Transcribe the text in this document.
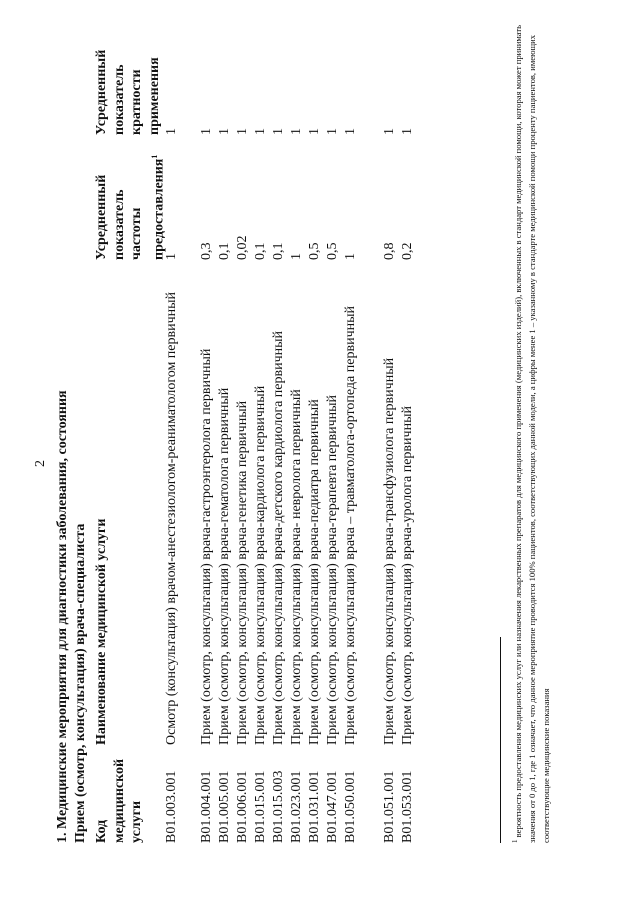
2 1. Медицинские мероприятия для диагностики заболевания, состояния Прием (осмотр, консультация) врача-специалиста Код медицинской услуги
Наименование медицинской услуги
Усредненный показатель частоты предоставления$^1$
Усредненный показатель кратности применения
B01.003.001
Осмотр (консультация) врачом-анестезиологом-реаниматологом первичный
1
1
B01.004.001
Прием (осмотр, консультация) врача-гастроэнтеролога первичный
0,3
1
B01.005.001
Прием (осмотр, консультация) врача-гематолога первичный
0,1
1
B01.006.001
Прием (осмотр, консультация) врача-генетика первичный
0,02
1
B01.015.001
Прием (осмотр, консультация) врача-кардиолога первичный
0,1
1
B01.015.003
Прием (осмотр, консультация) врача-детского кардиолога первичный
0,1
1
B01.023.001
Прием (осмотр, консультация) врача- невролога первичный
1
1
B01.031.001
Прием (осмотр, консультация) врача-педиатра первичный
0,5
1
B01.047.001
Прием (осмотр, консультация) врача-терапевта первичный
0,5
1
B01.050.001
Прием (осмотр, консультация) врача – травматолога-ортопеда первичный
1
1
B01.051.001
Прием (осмотр, консультация) врача-трансфузиолога первичный
0,8
1
B01.053.001
Прием (осмотр, консультация) врача-уролога первичный
0,2
1
$^1$ вероятность предоставления медицинских услуг или назначения лекарственных препаратов для медицинского применения (медицинских изделий), включенных в стандарт медицинской помощи, которая может принимать значения от 0 до 1, где 1 означает, что данное мероприятие проводится 100% пациентов, соответствующих данной модели, а цифры менее 1 – указанному в стандарте медицинской помощи проценту пациентов, имеющих соответствующие медицинские показания
